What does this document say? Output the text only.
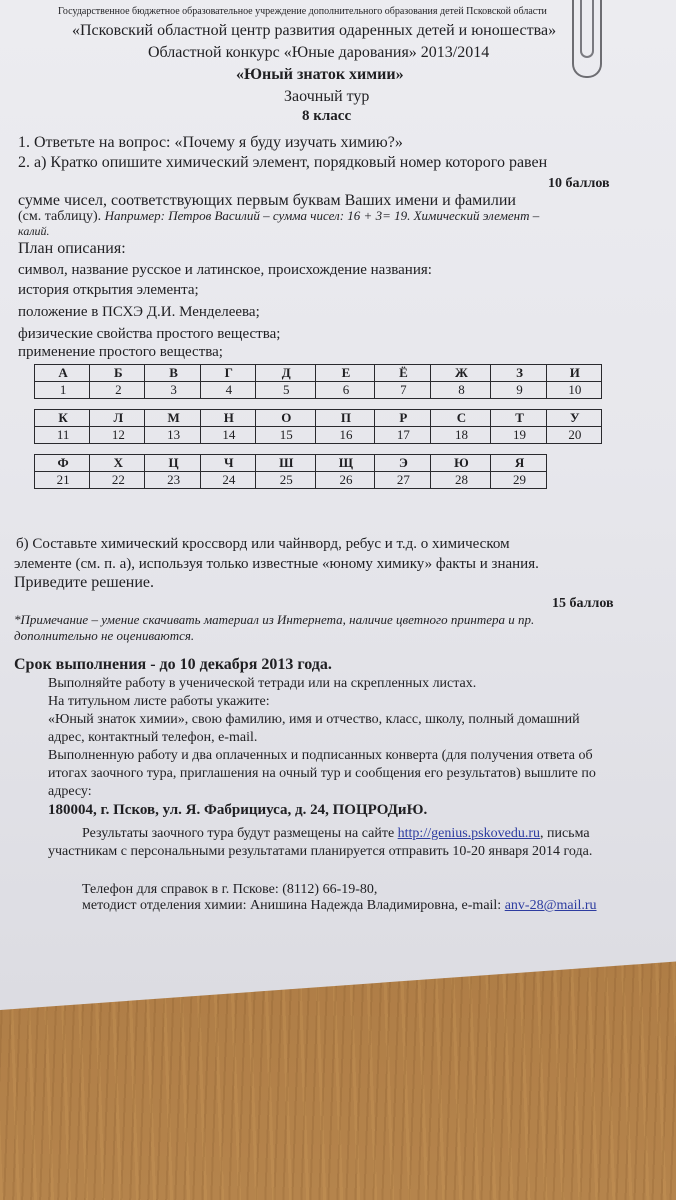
Государственное бюджетное образовательное учреждение дополнительного образования детей Псковской области
«Псковский областной центр развития одаренных детей и юношества»
Областной конкурс «Юные дарования» 2013/2014
«Юный знаток химии»
Заочный тур
8 класс
1. Ответьте на вопрос: «Почему я буду изучать химию?»
10 баллов
2. а) Кратко опишите химический элемент, порядковый номер которого равен
сумме чисел, соответствующих первым буквам Ваших имени и фамилии
(см. таблицу). Например: Петров Василий – сумма чисел: 16 + 3= 19. Химический элемент –
калий.
План описания:
символ, название русское и латинское, происхождение названия:
история открытия элемента;
положение в ПСХЭ Д.И. Менделеева;
физические свойства простого вещества;
применение простого вещества;
А	Б	В	Г	Д	Е	Ё	Ж	З	И
1	2	3	4	5	6	7	8	9	10

К	Л	М	Н	О	П	Р	С	Т	У
11	12	13	14	15	16	17	18	19	20

Ф	Х	Ц	Ч	Ш	Щ	Э	Ю	Я	
21	22	23	24	25	26	27	28	29	
б) Составьте химический кроссворд или чайнворд, ребус и т.д. о химическом
элементе (см. п. а), используя только известные «юному химику» факты и знания.
Приведите решение.
15 баллов
*Примечание – умение скачивать материал из Интернета, наличие цветного принтера и пр.
дополнительно не оцениваются.
Срок выполнения - до 10 декабря 2013 года.
Выполняйте работу в ученической тетради или на скрепленных листах.
На титульном листе работы укажите:
«Юный знаток химии», свою фамилию, имя и отчество, класс, школу, полный домашний
адрес, контактный телефон, e-mail.
Выполненную работу и два оплаченных и подписанных конверта (для получения ответа об
итогах заочного тура, приглашения на очный тур и сообщения его результатов) вышлите по
адресу:
180004, г. Псков, ул. Я. Фабрициуса, д. 24, ПОЦРОДиЮ.
Результаты заочного тура будут размещены на сайте http://genius.pskovedu.ru, письма
участникам с персональными результатами планируется отправить 10-20 января 2014 года.
Телефон для справок в г. Пскове: (8112) 66-19-80,
методист отделения химии: Анишина Надежда Владимировна, e-mail: anv-28@mail.ru
